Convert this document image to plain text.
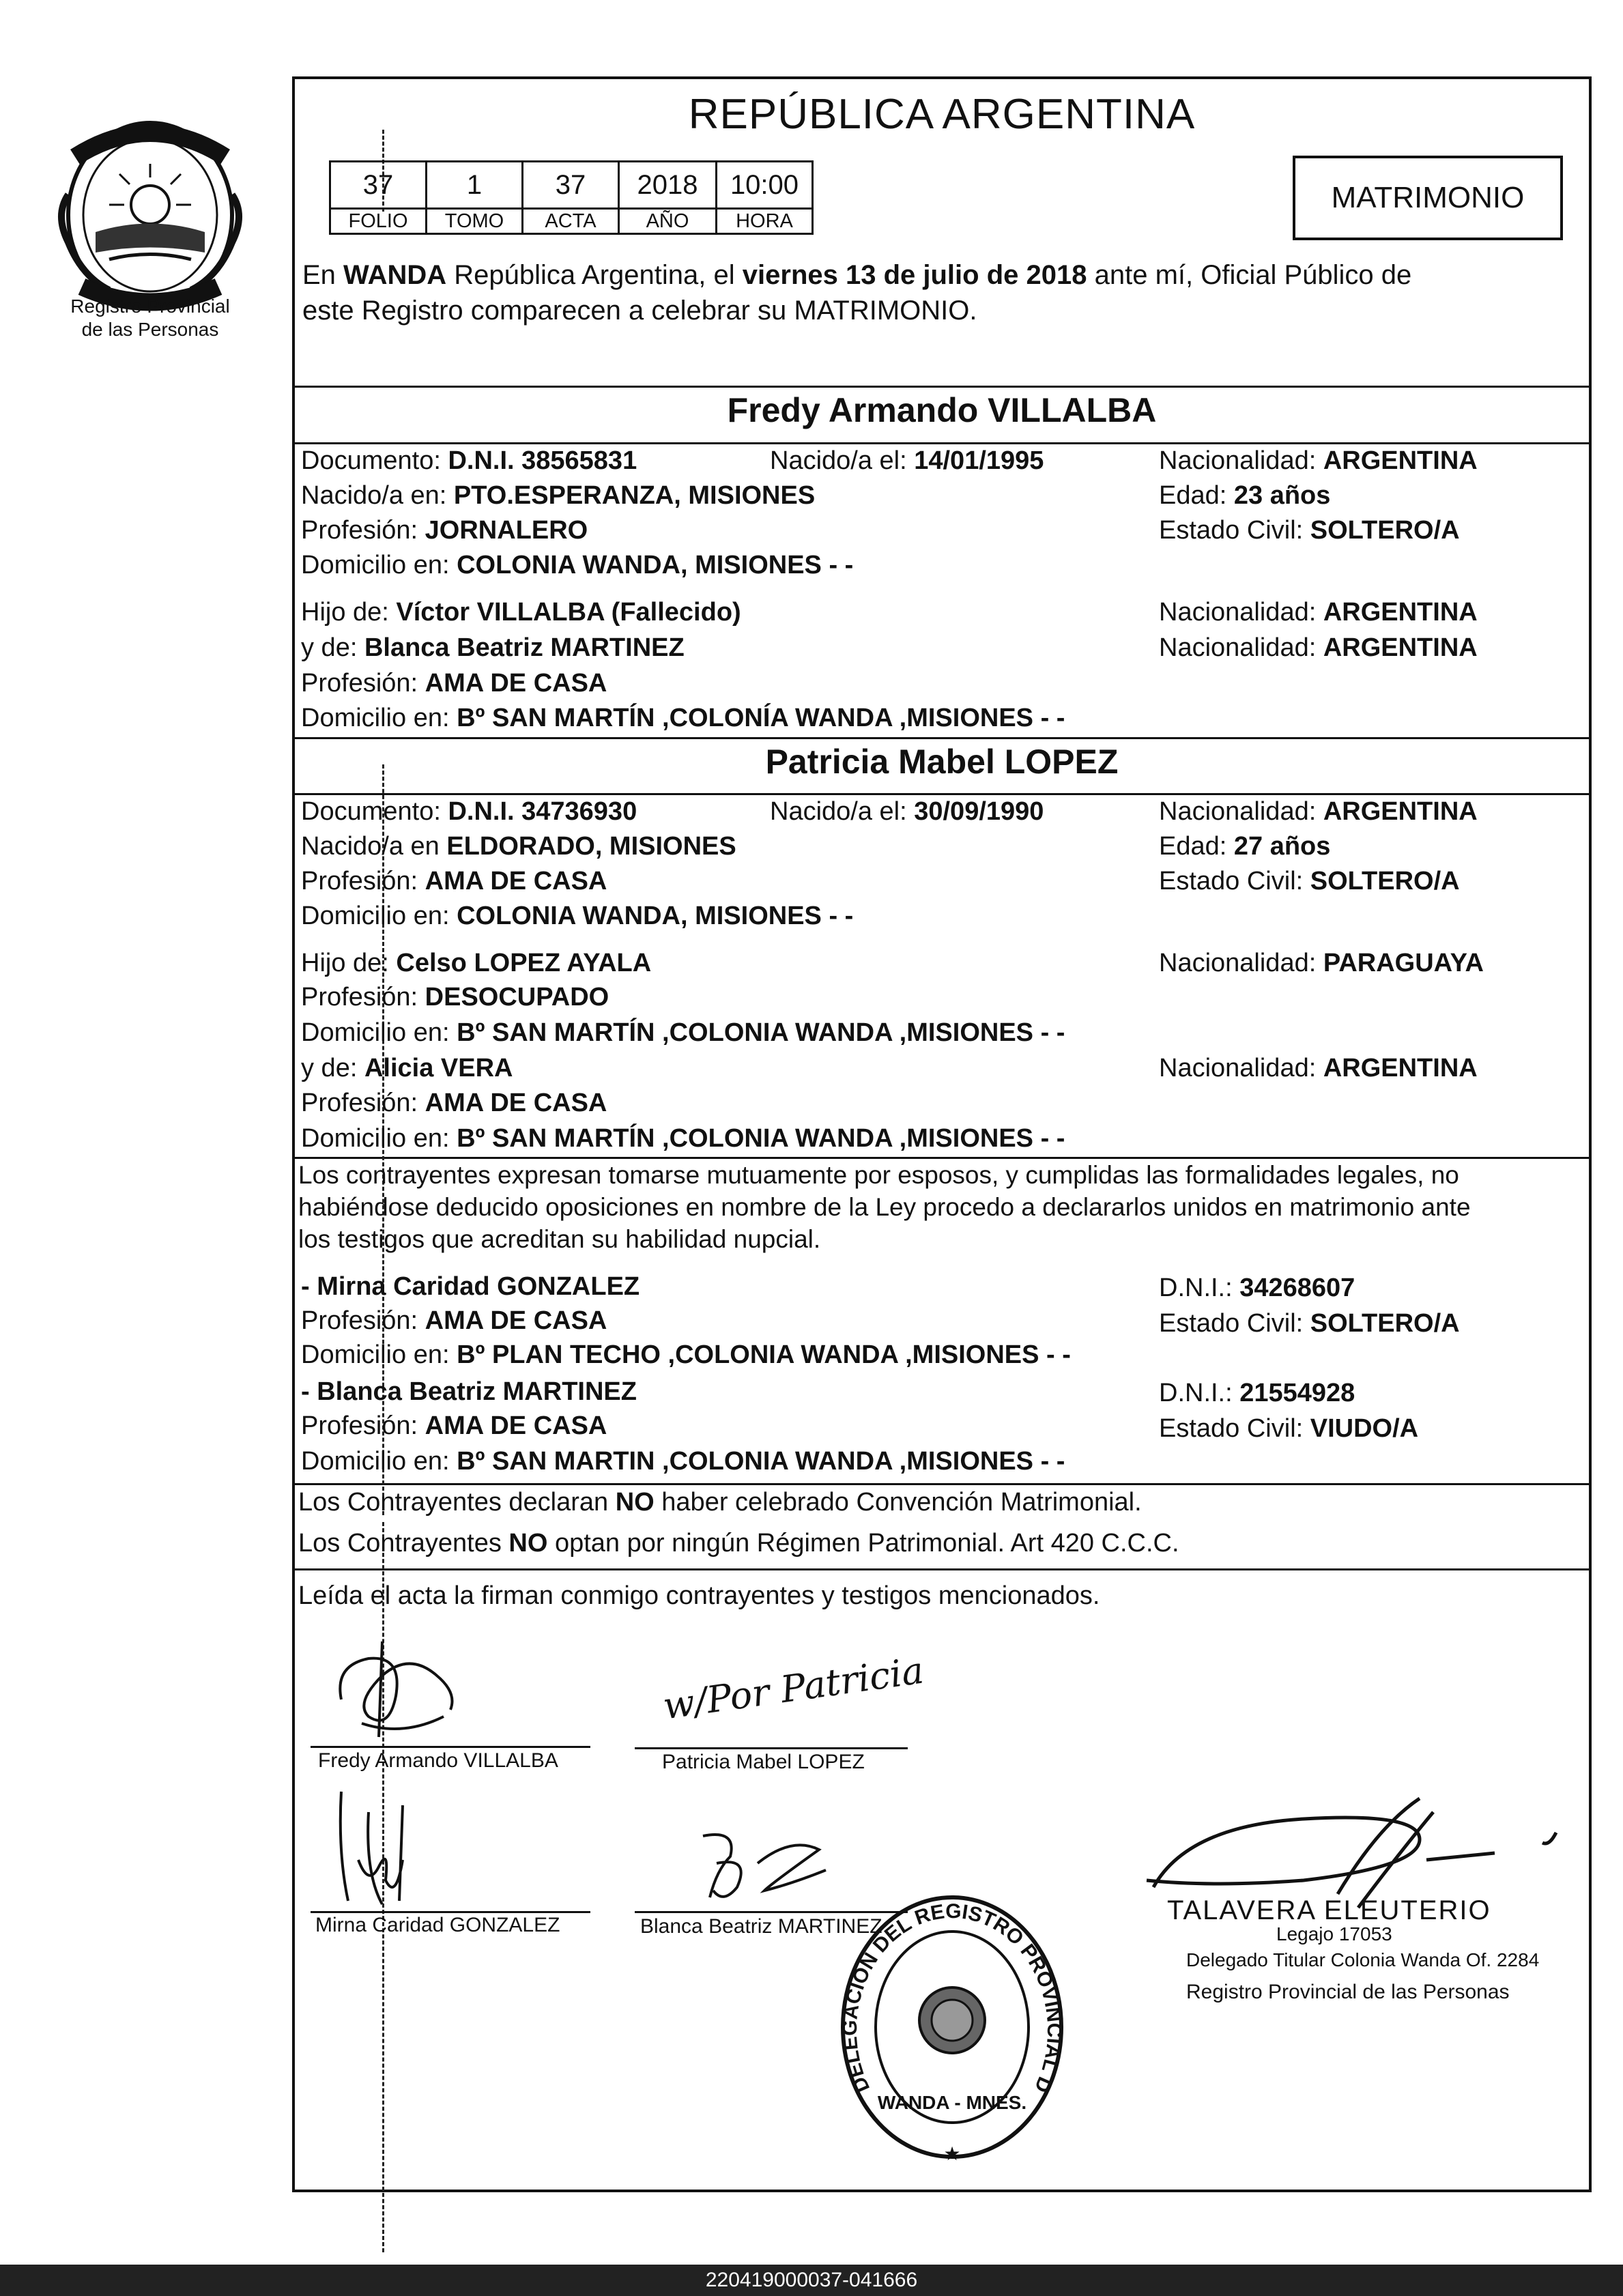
Registro Provincial
de las Personas
REPÚBLICA ARGENTINA
37	1	37	2018	10:00
FOLIO	TOMO	ACTA	AÑO	HORA
MATRIMONIO
En WANDA República Argentina, el viernes 13 de julio de 2018 ante mí, Oficial Público de
este Registro comparecen a celebrar su MATRIMONIO.
Fredy Armando VILLALBA
Documento: D.N.I. 38565831	Nacido/a el: 14/01/1995	Nacionalidad: ARGENTINA
Nacido/a en: PTO.ESPERANZA, MISIONES	Edad: 23 años
Profesión: JORNALERO	Estado Civil: SOLTERO/A
Domicilio en: COLONIA WANDA, MISIONES - -
Hijo de: Víctor VILLALBA (Fallecido)	Nacionalidad: ARGENTINA
y de: Blanca Beatriz MARTINEZ	Nacionalidad: ARGENTINA
Profesión: AMA DE CASA
Domicilio en: Bº SAN MARTÍN ,COLONÍA WANDA ,MISIONES - -
Patricia Mabel LOPEZ
Documento: D.N.I. 34736930	Nacido/a el: 30/09/1990	Nacionalidad: ARGENTINA
Nacido/a en ELDORADO, MISIONES	Edad: 27 años
Profesión: AMA DE CASA	Estado Civil: SOLTERO/A
Domicilio en: COLONIA WANDA, MISIONES - -
Hijo de: Celso LOPEZ AYALA	Nacionalidad: PARAGUAYA
Profesión: DESOCUPADO
Domicilio en: Bº SAN MARTÍN ,COLONIA WANDA ,MISIONES - -
y de: Alicia VERA	Nacionalidad: ARGENTINA
Profesión: AMA DE CASA
Domicilio en: Bº SAN MARTÍN ,COLONIA WANDA ,MISIONES - -
Los contrayentes expresan tomarse mutuamente por esposos, y cumplidas las formalidades legales, no
habiéndose deducido oposiciones en nombre de la Ley procedo a declararlos unidos en matrimonio ante
los testigos que acreditan su habilidad nupcial.
- Mirna Caridad GONZALEZ	D.N.I.: 34268607
Profesión: AMA DE CASA	Estado Civil: SOLTERO/A
Domicilio en: Bº PLAN TECHO ,COLONIA WANDA ,MISIONES - -
- Blanca Beatriz MARTINEZ	D.N.I.: 21554928
Profesión: AMA DE CASA	Estado Civil: VIUDO/A
Domicilio en: Bº SAN MARTIN ,COLONIA WANDA ,MISIONES - -
Los Contrayentes declaran NO haber celebrado Convención Matrimonial.
Los Contrayentes NO optan por ningún Régimen Patrimonial. Art 420 C.C.C.
Leída el acta la firman conmigo contrayentes y testigos mencionados.
Fredy Armando VILLALBA
w/Por Patricia
Patricia Mabel LOPEZ
Mirna Caridad GONZALEZ	Blanca Beatriz MARTINEZ
DELEGACION DEL REGISTRO PROVINCIAL DE LAS PERSONAS
WANDA - MNES.
★
TALAVERA ELEUTERIO
Legajo 17053
Delegado Titular Colonia Wanda Of. 2284
Registro Provincial de las Personas
220419000037-041666
